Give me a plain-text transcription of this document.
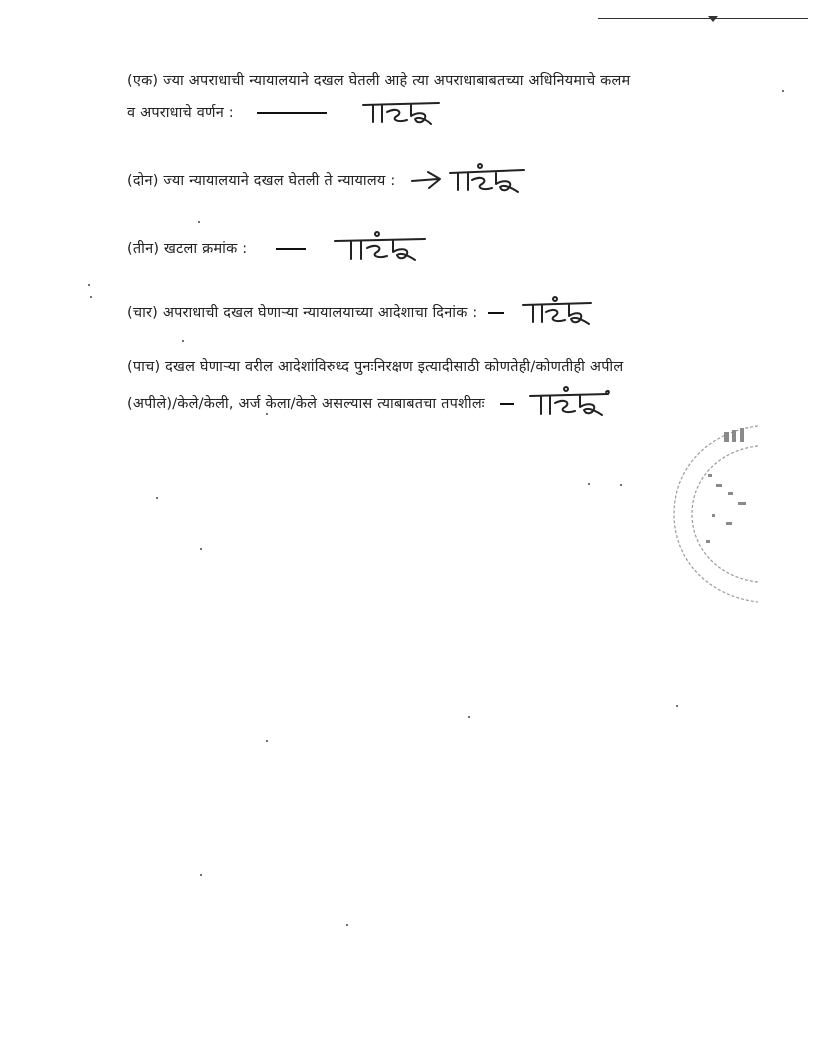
(एक) ज्या अपराधाची न्यायालयाने दखल घेतली आहे त्या अपराधाबाबतच्या अधिनियमाचे कलम
व अपराधाचे वर्णन :
(दोन) ज्या न्यायालयाने दखल घेतली ते न्यायालय :
(तीन) खटला क्रमांक :
(चार) अपराधाची दखल घेणाऱ्या न्यायालयाच्या आदेशाचा दिनांक :
(पाच) दखल घेणाऱ्या वरील आदेशांविरुध्द पुनःनिरक्षण इत्यादीसाठी कोणतेही/कोणतीही अपील
(अपीले)/केले/केली, अर्ज केला/केले असल्यास त्याबाबतचा तपशीलः
